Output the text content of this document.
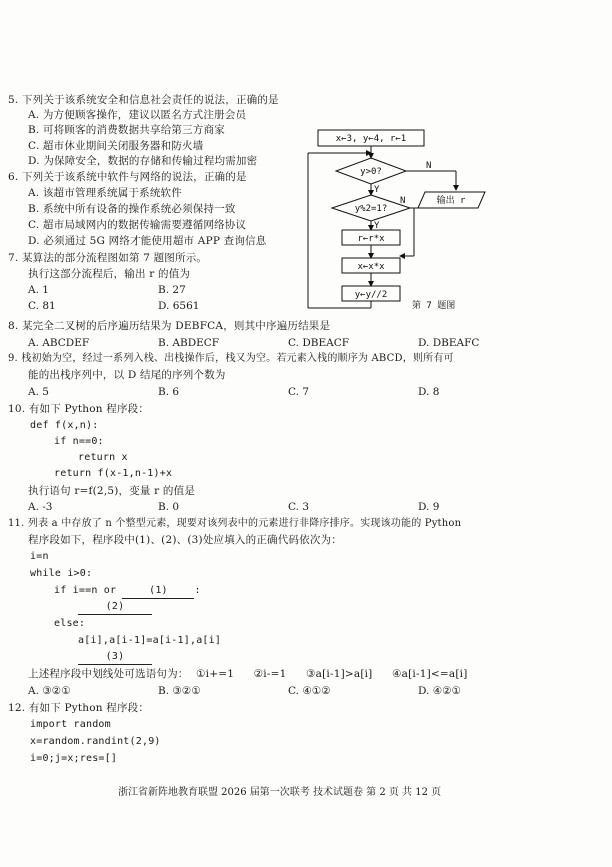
5. 下列关于该系统安全和信息社会责任的说法，正确的是
A. 为方便顾客操作，建议以匿名方式注册会员
B. 可将顾客的消费数据共享给第三方商家
C. 超市休业期间关闭服务器和防火墙
D. 为保障安全，数据的存储和传输过程均需加密
6. 下列关于该系统中软件与网络的说法，正确的是
A. 该超市管理系统属于系统软件
B. 系统中所有设备的操作系统必须保持一致
C. 超市局域网内的数据传输需要遵循网络协议
D. 必须通过 5G 网络才能使用超市 APP 查询信息
7. 某算法的部分流程图如第 7 题图所示。
执行这部分流程后，输出 r 的值为
A. 1	B. 27
C. 81	D. 6561
x←3, y←4, r←1
y>0?
N
输出 r
Y
y%2=1?
N
Y
r←r*x
x←x*x
y←y//2
第 7 题图
8. 某完全二叉树的后序遍历结果为 DEBFCA，则其中序遍历结果是
A. ABCDEF	B. ABDECF	C. DBEACF	D. DBEAFC
9. 栈初始为空，经过一系列入栈、出栈操作后，栈又为空。若元素入栈的顺序为 ABCD，则所有可
能的出栈序列中，以 D 结尾的序列个数为
A. 5	B. 6	C. 7	D. 8
10. 有如下 Python 程序段：
def f(x,n):
if n==0:
return x
return f(x-1,n-1)+x
执行语句 r=f(2,5)，变量 r 的值是
A. -3	B. 0	C. 3	D. 9
11. 列表 a 中存放了 n 个整型元素，现要对该列表中的元素进行非降序排序。实现该功能的 Python
程序段如下，程序段中(1)、(2)、(3)处应填入的正确代码依次为：
i=n
while i>0:
if i==n or	(1)	:
(2)
else:
a[i],a[i-1]=a[i-1],a[i]
(3)
上述程序段中划线处可选语句为： ①i+=1 ②i-=1 ③a[i-1]>a[i] ④a[i-1]<=a[i]
A. ③②①	B. ③②①	C. ④①②	D. ④②①
12. 有如下 Python 程序段：
import random
x=random.randint(2,9)
i=0;j=x;res=[]
浙江省新阵地教育联盟 2026 届第一次联考 技术试题卷 第 2 页 共 12 页
